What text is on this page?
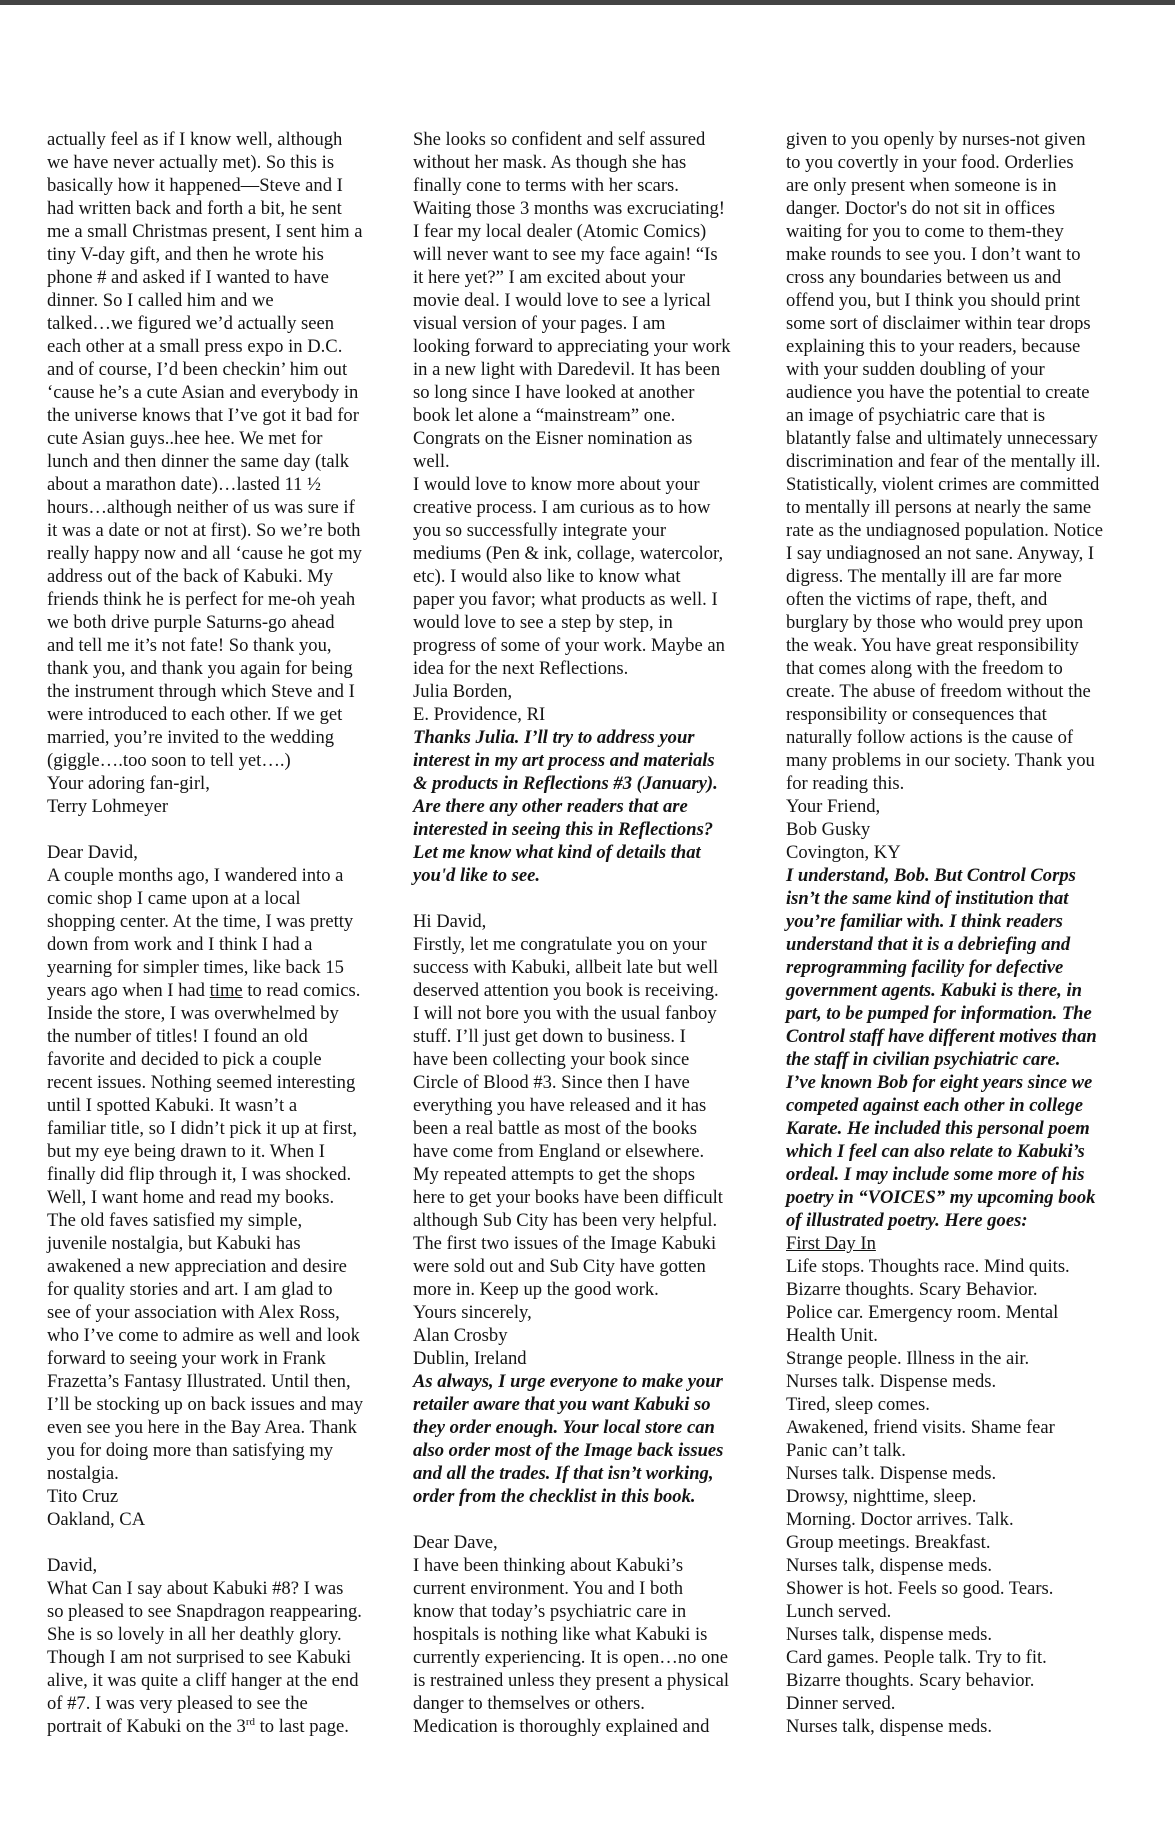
actually feel as if I know well, although
we have never actually met). So this is
basically how it happened—Steve and I
had written back and forth a bit, he sent
me a small Christmas present, I sent him a
tiny V-day gift, and then he wrote his
phone # and asked if I wanted to have
dinner. So I called him and we
talked…we figured we’d actually seen
each other at a small press expo in D.C.
and of course, I’d been checkin’ him out
‘cause he’s a cute Asian and everybody in
the universe knows that I’ve got it bad for
cute Asian guys..hee hee. We met for
lunch and then dinner the same day (talk
about a marathon date)…lasted 11 ½
hours…although neither of us was sure if
it was a date or not at first). So we’re both
really happy now and all ‘cause he got my
address out of the back of Kabuki. My
friends think he is perfect for me-oh yeah
we both drive purple Saturns-go ahead
and tell me it’s not fate! So thank you,
thank you, and thank you again for being
the instrument through which Steve and I
were introduced to each other. If we get
married, you’re invited to the wedding
(giggle….too soon to tell yet….)
Your adoring fan-girl,
Terry Lohmeyer
Dear David,
A couple months ago, I wandered into a
comic shop I came upon at a local
shopping center. At the time, I was pretty
down from work and I think I had a
yearning for simpler times, like back 15
years ago when I had time to read comics.
Inside the store, I was overwhelmed by
the number of titles! I found an old
favorite and decided to pick a couple
recent issues. Nothing seemed interesting
until I spotted Kabuki. It wasn’t a
familiar title, so I didn’t pick it up at first,
but my eye being drawn to it. When I
finally did flip through it, I was shocked.
Well, I want home and read my books.
The old faves satisfied my simple,
juvenile nostalgia, but Kabuki has
awakened a new appreciation and desire
for quality stories and art. I am glad to
see of your association with Alex Ross,
who I’ve come to admire as well and look
forward to seeing your work in Frank
Frazetta’s Fantasy Illustrated. Until then,
I’ll be stocking up on back issues and may
even see you here in the Bay Area. Thank
you for doing more than satisfying my
nostalgia.
Tito Cruz
Oakland, CA
David,
What Can I say about Kabuki #8? I was
so pleased to see Snapdragon reappearing.
She is so lovely in all her deathly glory.
Though I am not surprised to see Kabuki
alive, it was quite a cliff hanger at the end
of #7. I was very pleased to see the
portrait of Kabuki on the 3rd to last page.
She looks so confident and self assured
without her mask. As though she has
finally cone to terms with her scars.
Waiting those 3 months was excruciating!
I fear my local dealer (Atomic Comics)
will never want to see my face again! “Is
it here yet?” I am excited about your
movie deal. I would love to see a lyrical
visual version of your pages. I am
looking forward to appreciating your work
in a new light with Daredevil. It has been
so long since I have looked at another
book let alone a “mainstream” one.
Congrats on the Eisner nomination as
well.
I would love to know more about your
creative process. I am curious as to how
you so successfully integrate your
mediums (Pen & ink, collage, watercolor,
etc). I would also like to know what
paper you favor; what products as well. I
would love to see a step by step, in
progress of some of your work. Maybe an
idea for the next Reflections.
Julia Borden,
E. Providence, RI
Thanks Julia. I’ll try to address your
interest in my art process and materials
& products in Reflections #3 (January).
Are there any other readers that are
interested in seeing this in Reflections?
Let me know what kind of details that
you'd like to see.
Hi David,
Firstly, let me congratulate you on your
success with Kabuki, allbeit late but well
deserved attention you book is receiving.
I will not bore you with the usual fanboy
stuff. I’ll just get down to business. I
have been collecting your book since
Circle of Blood #3. Since then I have
everything you have released and it has
been a real battle as most of the books
have come from England or elsewhere.
My repeated attempts to get the shops
here to get your books have been difficult
although Sub City has been very helpful.
The first two issues of the Image Kabuki
were sold out and Sub City have gotten
more in. Keep up the good work.
Yours sincerely,
Alan Crosby
Dublin, Ireland
As always, I urge everyone to make your
retailer aware that you want Kabuki so
they order enough. Your local store can
also order most of the Image back issues
and all the trades. If that isn’t working,
order from the checklist in this book.
Dear Dave,
I have been thinking about Kabuki’s
current environment. You and I both
know that today’s psychiatric care in
hospitals is nothing like what Kabuki is
currently experiencing. It is open…no one
is restrained unless they present a physical
danger to themselves or others.
Medication is thoroughly explained and
given to you openly by nurses-not given
to you covertly in your food. Orderlies
are only present when someone is in
danger. Doctor's do not sit in offices
waiting for you to come to them-they
make rounds to see you. I don’t want to
cross any boundaries between us and
offend you, but I think you should print
some sort of disclaimer within tear drops
explaining this to your readers, because
with your sudden doubling of your
audience you have the potential to create
an image of psychiatric care that is
blatantly false and ultimately unnecessary
discrimination and fear of the mentally ill.
Statistically, violent crimes are committed
to mentally ill persons at nearly the same
rate as the undiagnosed population. Notice
I say undiagnosed an not sane. Anyway, I
digress. The mentally ill are far more
often the victims of rape, theft, and
burglary by those who would prey upon
the weak. You have great responsibility
that comes along with the freedom to
create. The abuse of freedom without the
responsibility or consequences that
naturally follow actions is the cause of
many problems in our society. Thank you
for reading this.
Your Friend,
Bob Gusky
Covington, KY
I understand, Bob. But Control Corps
isn’t the same kind of institution that
you’re familiar with. I think readers
understand that it is a debriefing and
reprogramming facility for defective
government agents. Kabuki is there, in
part, to be pumped for information. The
Control staff have different motives than
the staff in civilian psychiatric care.
I’ve known Bob for eight years since we
competed against each other in college
Karate. He included this personal poem
which I feel can also relate to Kabuki’s
ordeal. I may include some more of his
poetry in “VOICES” my upcoming book
of illustrated poetry. Here goes:
First Day In
Life stops. Thoughts race. Mind quits.
Bizarre thoughts. Scary Behavior.
Police car. Emergency room. Mental
Health Unit.
Strange people. Illness in the air.
Nurses talk. Dispense meds.
Tired, sleep comes.
Awakened, friend visits. Shame fear
Panic can’t talk.
Nurses talk. Dispense meds.
Drowsy, nighttime, sleep.
Morning. Doctor arrives. Talk.
Group meetings. Breakfast.
Nurses talk, dispense meds.
Shower is hot. Feels so good. Tears.
Lunch served.
Nurses talk, dispense meds.
Card games. People talk. Try to fit.
Bizarre thoughts. Scary behavior.
Dinner served.
Nurses talk, dispense meds.
